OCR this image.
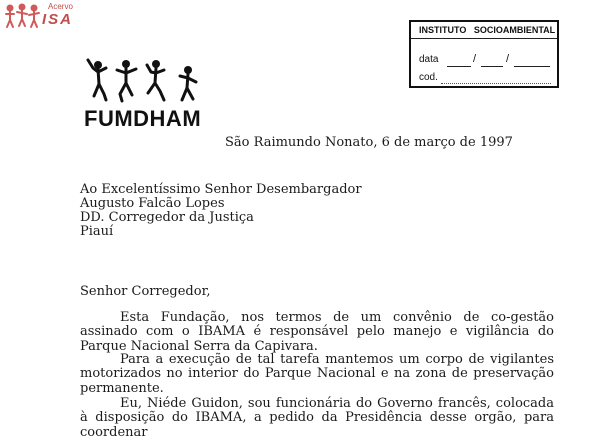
Acervo
ISA
INSTITUTO   SOCIOAMBIENTAL
data	/	/
cod.
FUMDHAM
São Raimundo Nonato, 6 de março de 1997
Ao Excelentíssimo Senhor Desembargador
Augusto Falcão Lopes
DD. Corregedor da Justiça
Piauí
Senhor Corregedor,
Esta Fundação, nos termos de um convênio de co-gestão assinado com o IBAMA é responsável pelo manejo e vigilância do Parque Nacional Serra da Capivara.
Para a execução de tal tarefa mantemos um corpo de vigilantes motorizados no interior do Parque Nacional e na zona de preservação permanente.
Eu, Niéde Guidon, sou funcionária do Governo francês, colocada à disposição do IBAMA, a pedido da Presidência desse orgão, para coordenar
